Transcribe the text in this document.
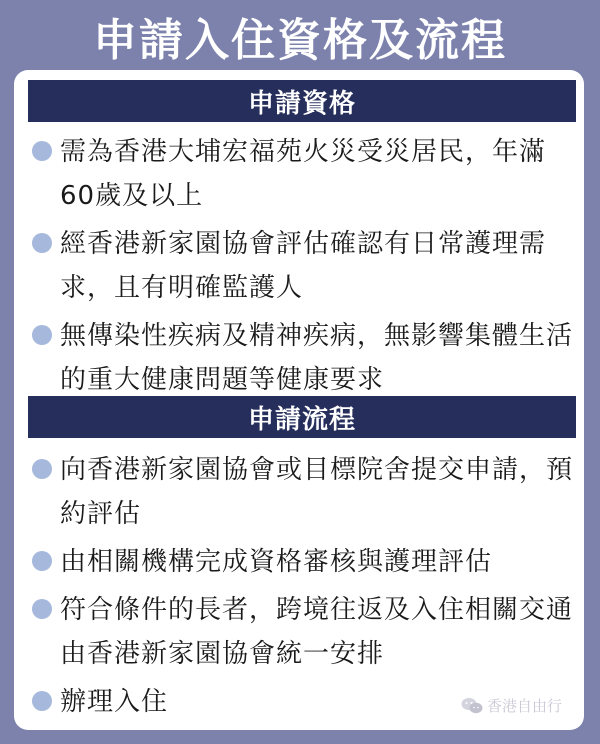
申請入住資格及流程
申請資格
需為香港大埔宏福苑火災受災居民，年滿60歲及以上
經香港新家園協會評估確認有日常護理需求，且有明確監護人
無傳染性疾病及精神疾病，無影響集體生活的重大健康問題等健康要求
申請流程
向香港新家園協會或目標院舍提交申請，預約評估
由相關機構完成資格審核與護理評估
符合條件的長者，跨境往返及入住相關交通由香港新家園協會統一安排
辦理入住	香港自由行
